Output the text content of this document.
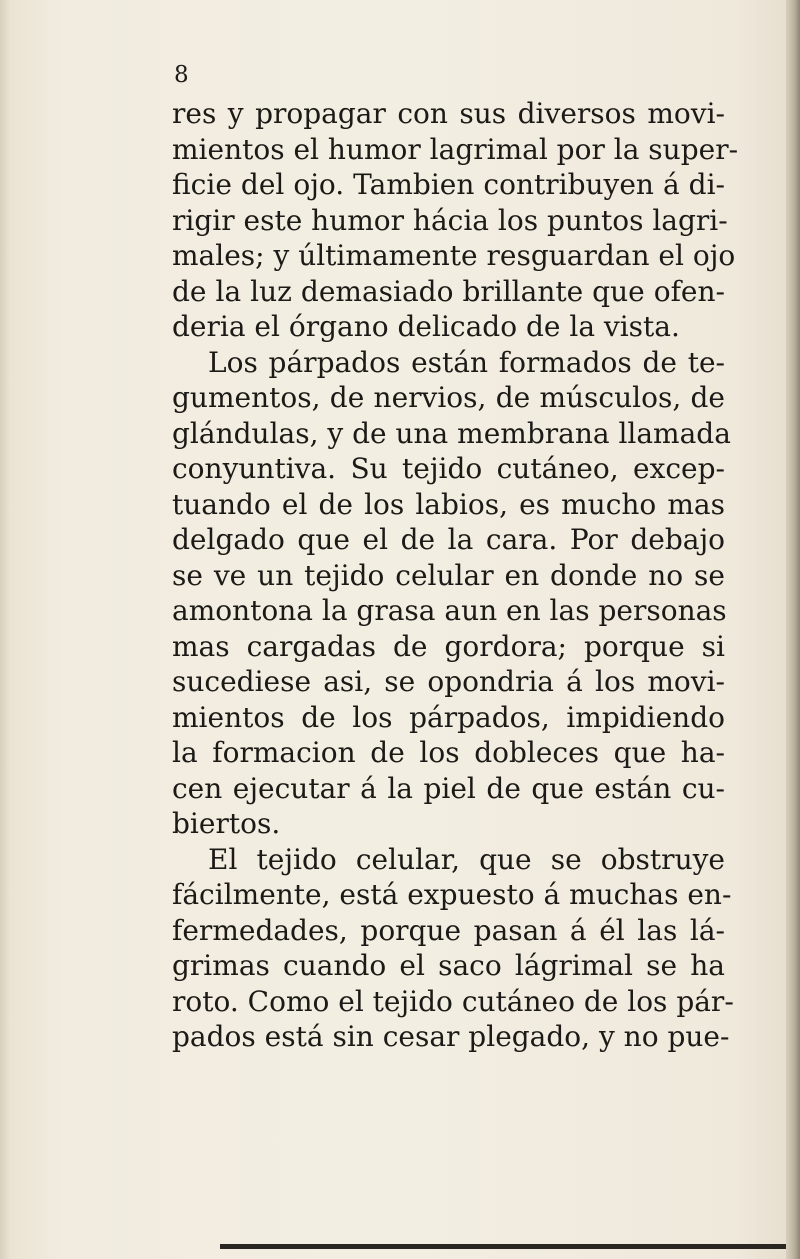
8
res y propagar con sus diversos movi-
mientos el humor lagrimal por la super-
ficie del ojo. Tambien contribuyen á di-
rigir este humor hácia los puntos lagri-
males; y últimamente resguardan el ojo
de la luz demasiado brillante que ofen-
deria el órgano delicado de la vista.
Los párpados están formados de te-
gumentos, de nervios, de músculos, de
glándulas, y de una membrana llamada
conyuntiva. Su tejido cutáneo, excep-
tuando el de los labios, es mucho mas
delgado que el de la cara. Por debajo
se ve un tejido celular en donde no se
amontona la grasa aun en las personas
mas cargadas de gordora; porque si
sucediese asi, se opondria á los movi-
mientos de los párpados, impidiendo
la formacion de los dobleces que ha-
cen ejecutar á la piel de que están cu-
biertos.
El tejido celular, que se obstruye
fácilmente, está expuesto á muchas en-
fermedades, porque pasan á él las lá-
grimas cuando el saco lágrimal se ha
roto. Como el tejido cutáneo de los pár-
pados está sin cesar plegado, y no pue-
